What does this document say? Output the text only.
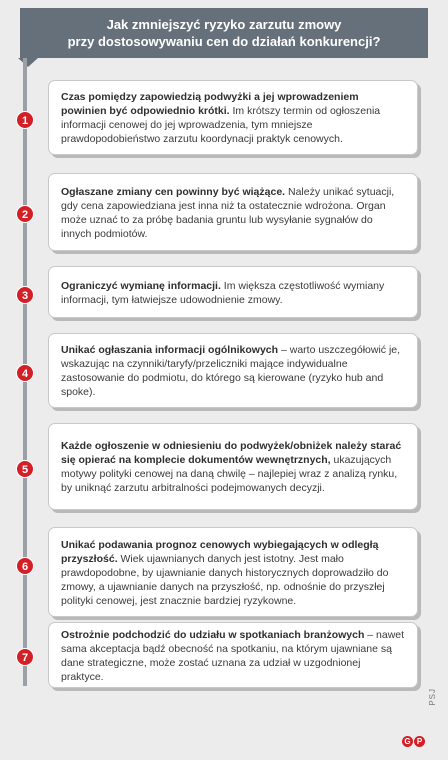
Jak zmniejszyć ryzyko zarzutu zmowy
przy dostosowywaniu cen do działań konkurencji?
1

Czas pomiędzy zapowiedzią podwyżki a jej wprowadzeniem powinien być odpowiednio krótki. Im krótszy termin od ogłoszenia informacji cenowej do jej wprowadzenia, tym mniejsze prawdopodobieństwo zarzutu koordynacji praktyk cenowych.

2

Ogłaszane zmiany cen powinny być wiążące. Należy unikać sytuacji, gdy cena zapowiedziana jest inna niż ta ostatecznie wdrożona. Organ może uznać to za próbę badania gruntu lub wysyłanie sygnałów do innych podmiotów.

3

Ograniczyć wymianę informacji. Im większa częstotliwość wymiany informacji, tym łatwiejsze udowodnienie zmowy.

4

Unikać ogłaszania informacji ogólnikowych – warto uszczegółowić je, wskazując na czynniki/taryfy/przeliczniki mające indywidualne zastosowanie do podmiotu, do którego są kierowane (ryzyko hub and spoke).

5

Każde ogłoszenie w odniesieniu do podwyżek/obniżek należy starać się opierać na komplecie dokumentów wewnętrznych, ukazujących motywy polityki cenowej na daną chwilę – najlepiej wraz z analizą rynku, by uniknąć zarzutu arbitralności podejmowanych decyzji.

6

Unikać podawania prognoz cenowych wybiegających w odległą przyszłość. Wiek ujawnianych danych jest istotny. Jest mało prawdopodobne, by ujawnianie danych historycznych doprowadziło do zmowy, a ujawnianie danych na przyszłość, np. odnośnie do przyszłej polityki cenowej, jest znacznie bardziej ryzykowne.

7

Ostrożnie podchodzić do udziału w spotkaniach branżowych – nawet sama akceptacja bądź obecność na spotkaniu, na którym ujawniane są dane strategiczne, może zostać uznana za udział w uzgodnionej praktyce.

PSJ
G P
